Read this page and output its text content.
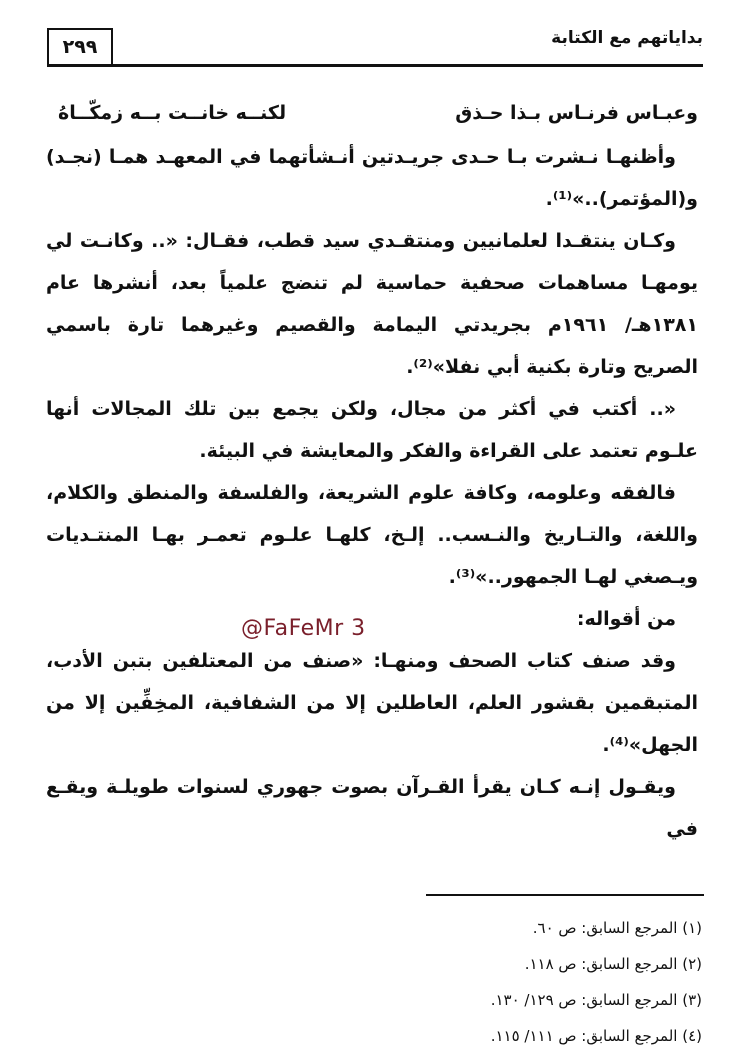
بداياتهم مع الكتابة
٢٩٩
وعبـاس فرنـاس بـذا حـذق
لكنــه خانــت بــه زمكّــاهُ

وأظنهـا نـشرت بـا حـدى جريـدتين أنـشأتهما في المعهـد همـا (نجـد) و(المؤتمر)..»⁽¹⁾.

وكـان ينتقـدا لعلمانيين ومنتقـدي سيد قطب، فقـال: «.. وكانـت لي يومهـا مساهمات صحفية حماسية لم تنضج علمياً بعد، أنشرها عام ١٣٨١هـ/ ١٩٦١م بجريدتي اليمامة والقصيم وغيرهما تارة باسمي الصريح وتارة بكنية أبي نفلا»⁽²⁾.

«.. أكتب في أكثر من مجال، ولكن يجمع بين تلك المجالات أنها علـوم تعتمد على القراءة والفكر والمعايشة في البيئة.

فالفقه وعلومه، وكافة علوم الشريعة، والفلسفة والمنطق والكلام، واللغة، والتـاريخ والنـسب.. إلـخ، كلهـا علـوم تعمـر بهـا المنتـديات ويـصغي لهـا الجمهور..»⁽³⁾.

من أقواله:

وقد صنف كتاب الصحف ومنهـا: «صنف من المعتلفين بتبن الأدب، المتبقمين بقشور العلم، العاطلين إلا من الشفافية، المخِفِّين إلا من الجهل»⁽⁴⁾.

ويقـول إنـه كـان يقرأ القـرآن بصوت جهوري لسنوات طويلـة ويقـع في

@FaFeMr 3

(١) المرجع السابق: ص ٦٠.

(٢) المرجع السابق: ص ١١٨.

(٣) المرجع السابق: ص ١٢٩/ ١٣٠.

(٤) المرجع السابق: ص ١١١/ ١١٥.
